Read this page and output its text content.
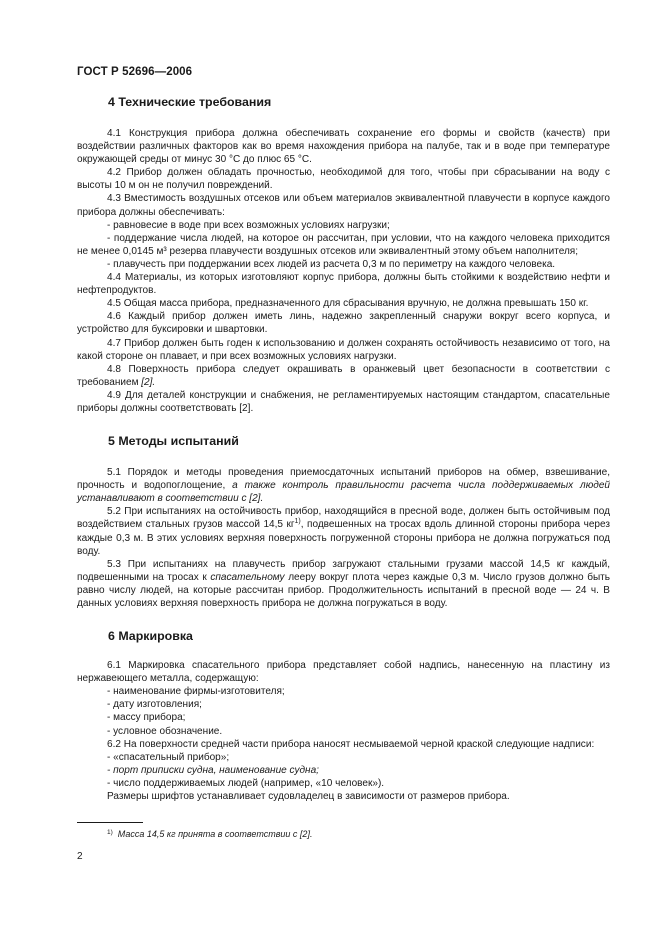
ГОСТ Р 52696—2006
4 Технические требования

4.1 Конструкция прибора должна обеспечивать сохранение его формы и свойств (качеств) при воздействии различных факторов как во время нахождения прибора на палубе, так и в воде при температуре окружающей среды от минус 30 °С до плюс 65 °С.

4.2 Прибор должен обладать прочностью, необходимой для того, чтобы при сбрасывании на воду с высоты 10 м он не получил повреждений.

4.3 Вместимость воздушных отсеков или объем материалов эквивалентной плавучести в корпусе каждого прибора должны обеспечивать:

- равновесие в воде при всех возможных условиях нагрузки;

- поддержание числа людей, на которое он рассчитан, при условии, что на каждого человека приходится не менее 0,0145 м³ резерва плавучести воздушных отсеков или эквивалентный этому объем наполнителя;

- плавучесть при поддержании всех людей из расчета 0,3 м по периметру на каждого человека.

4.4 Материалы, из которых изготовляют корпус прибора, должны быть стойкими к воздействию нефти и нефтепродуктов.

4.5 Общая масса прибора, предназначенного для сбрасывания вручную, не должна превышать 150 кг.

4.6 Каждый прибор должен иметь линь, надежно закрепленный снаружи вокруг всего корпуса, и устройство для буксировки и швартовки.

4.7 Прибор должен быть годен к использованию и должен сохранять остойчивость независимо от того, на какой стороне он плавает, и при всех возможных условиях нагрузки.

4.8 Поверхность прибора следует окрашивать в оранжевый цвет безопасности в соответствии с требованием [2].

4.9 Для деталей конструкции и снабжения, не регламентируемых настоящим стандартом, спасательные приборы должны соответствовать [2].

5 Методы испытаний

5.1 Порядок и методы проведения приемосдаточных испытаний приборов на обмер, взвешивание, прочность и водопоглощение, а также контроль правильности расчета числа поддерживаемых людей устанавливают в соответствии с [2].

5.2 При испытаниях на остойчивость прибор, находящийся в пресной воде, должен быть остойчивым под воздействием стальных грузов массой 14,5 $кг^{1)}$, подвешенных на тросах вдоль длинной стороны прибора через каждые 0,3 м. В этих условиях верхняя поверхность погруженной стороны прибора не должна погружаться под воду.

5.3 При испытаниях на плавучесть прибор загружают стальными грузами массой 14,5 кг каждый, подвешенными на тросах к спасательному леерy вокруг плота через каждые 0,3 м. Число грузов должно быть равно числу людей, на которые рассчитан прибор. Продолжительность испытаний в пресной воде — 24 ч. В данных условиях верхняя поверхность прибора не должна погружаться в воду.

6 Маркировка

6.1 Маркировка спасательного прибора представляет собой надпись, нанесенную на пластину из нержавеющего металла, содержащую:

- наименование фирмы-изготовителя;

- дату изготовления;

- массу прибора;

- условное обозначение.

6.2 На поверхности средней части прибора наносят несмываемой черной краской следующие надписи:

- «спасательный прибор»;

- порт приписки судна, наименование судна;

- число поддерживаемых людей (например, «10 человек»).

Размеры шрифтов устанавливает судовладелец в зависимости от размеров прибора.

$^{1)}$ Масса 14,5 кг принята в соответствии с [2].
2
